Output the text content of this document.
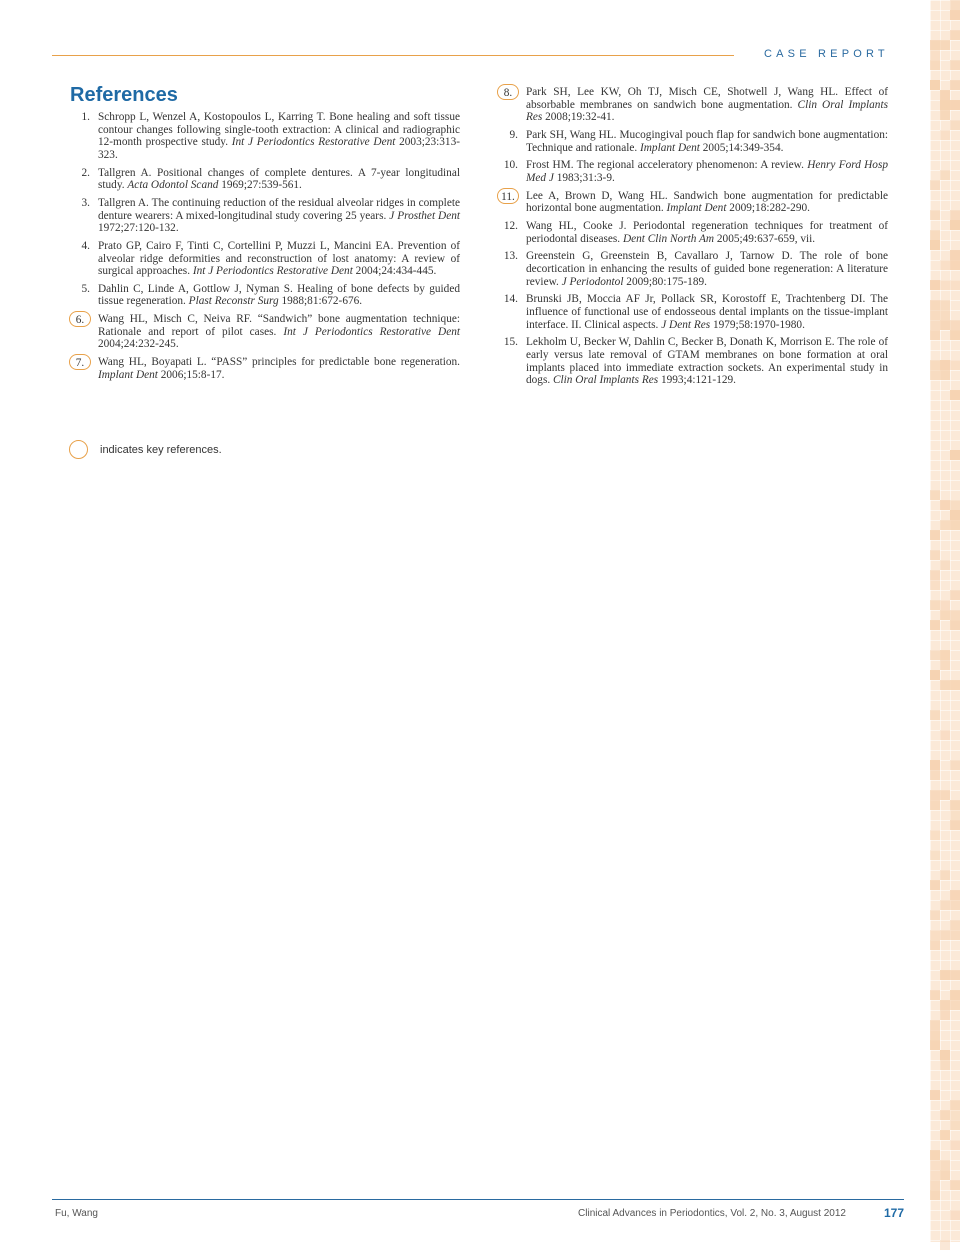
CASE REPORT
References
1. Schropp L, Wenzel A, Kostopoulos L, Karring T. Bone healing and soft tissue contour changes following single-tooth extraction: A clinical and radiographic 12-month prospective study. Int J Periodontics Restorative Dent 2003;23:313-323.
2. Tallgren A. Positional changes of complete dentures. A 7-year longitudinal study. Acta Odontol Scand 1969;27:539-561.
3. Tallgren A. The continuing reduction of the residual alveolar ridges in complete denture wearers: A mixed-longitudinal study covering 25 years. J Prosthet Dent 1972;27:120-132.
4. Prato GP, Cairo F, Tinti C, Cortellini P, Muzzi L, Mancini EA. Prevention of alveolar ridge deformities and reconstruction of lost anatomy: A review of surgical approaches. Int J Periodontics Restorative Dent 2004;24:434-445.
5. Dahlin C, Linde A, Gottlow J, Nyman S. Healing of bone defects by guided tissue regeneration. Plast Reconstr Surg 1988;81:672-676.
6.	Wang HL, Misch C, Neiva RF. “Sandwich” bone augmentation technique: Rationale and report of pilot cases. Int J Periodontics Restorative Dent 2004;24:232-245.
7.	Wang HL, Boyapati L. “PASS” principles for predictable bone regeneration. Implant Dent 2006;15:8-17.
8.	Park SH, Lee KW, Oh TJ, Misch CE, Shotwell J, Wang HL. Effect of absorbable membranes on sandwich bone augmentation. Clin Oral Implants Res 2008;19:32-41.
9. Park SH, Wang HL. Mucogingival pouch flap for sandwich bone augmentation: Technique and rationale. Implant Dent 2005;14:349-354.
10. Frost HM. The regional acceleratory phenomenon: A review. Henry Ford Hosp Med J 1983;31:3-9.
11. Lee A, Brown D, Wang HL. Sandwich bone augmentation for predictable horizontal bone augmentation. Implant Dent 2009;18:282-290.
12. Wang HL, Cooke J. Periodontal regeneration techniques for treatment of periodontal diseases. Dent Clin North Am 2005;49:637-659, vii.
13. Greenstein G, Greenstein B, Cavallaro J, Tarnow D. The role of bone decortication in enhancing the results of guided bone regeneration: A literature review. J Periodontol 2009;80:175-189.
14. Brunski JB, Moccia AF Jr, Pollack SR, Korostoff E, Trachtenberg DI. The influence of functional use of endosseous dental implants on the tissue-implant interface. II. Clinical aspects. J Dent Res 1979;58:1970-1980.
15. Lekholm U, Becker W, Dahlin C, Becker B, Donath K, Morrison E. The role of early versus late removal of GTAM membranes on bone formation at oral implants placed into immediate extraction sockets. An experimental study in dogs. Clin Oral Implants Res 1993;4:121-129.
indicates key references.
Fu, Wang	Clinical Advances in Periodontics, Vol. 2, No. 3, August 2012	177
